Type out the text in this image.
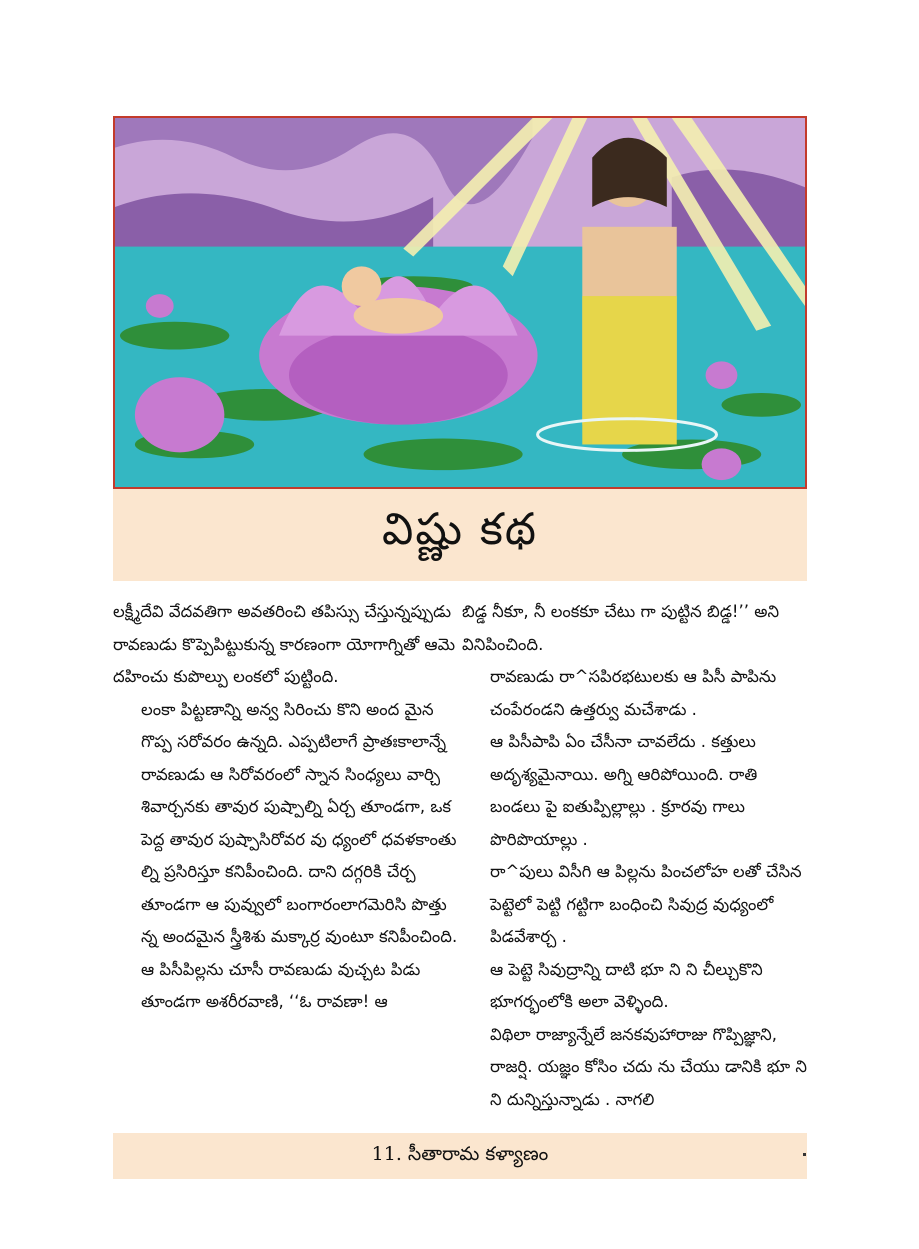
విష్ణు కథ

లక్ష్మీదేవి వేదవతిగా అవతరించి తపిస్సు చేస్తున్నప్పుడు రావణుడు కొప్పెపిట్టుకున్న కారణంగా యోగాగ్నితో ఆమె దహించు కుపొల్పు లంకలో పుట్టింది.

లంకా పిట్టణాన్ని అన్వ సిరించు కొని అంద మైన గొప్ప సరోవరం ఉన్నది. ఎప్పటిలాగే ప్రాతఃకాలాన్నే రావణుడు ఆ సిరోవరంలో స్నాన సింధ్యలు వార్చి శివార్చనకు తావుర పుష్పాల్ని ఏర్చ తూండగా, ఒక పెద్ద తావుర పుష్పాసిరోవర వు ధ్యంలో ధవళకాంతు ల్ని ప్రసిరిస్తూ కనిపీంచింది. దాని దగ్గరికి చేర్చ తూండగా ఆ పువ్వులో బంగారంలాగమెరిసి పొత్తు న్న అందమైన స్త్రీశిశు మక్కార్ర వుంటూ కనిపీంచింది.

ఆ పిసీపిల్లను చూసీ రావణుడు వుచ్చట పిడు తూండగా అశరీరవాణి, ‘‘ఓ రావణా! ఆ

బిడ్డ నీకూ, నీ లంకకూ చేటు గా పుట్టిన బిడ్డ!’’ అని వినిపించింది.

రావణుడు రా^సపిరభటులకు ఆ పిసీ పాపిను చంపేరండని ఉత్తర్వు మచేశాడు .

ఆ పిసీపాపి ఏం చేసీనా చావలేదు . కత్తులు అదృశ్యమైనాయి. అగ్ని ఆరిపోయింది. రాతి బండలు పై ఐతుప్పిల్లాల్లు . క్రూరవు గాలు పొరిపొయాల్లు .

రా^పులు విసీగి ఆ పిల్లను పించలోహ లతో చేసిన పెట్టెలో పెట్టి గట్టిగా బంధించి సివుద్ర వుధ్యంలో పిడవేశార్చ .

ఆ పెట్టె సివుద్రాన్ని దాటి భూ ని ని చీల్చుకొని భూగర్భంలోకి అలా వెళ్ళింది.

విథిలా రాజ్యాన్నేలే జనకవుహారాజు గొప్పిజ్ఞాని, రాజర్షి. యజ్ఞం కోసిం చదు ను చేయు డానికి భూ ని ని దున్నిస్తున్నాడు . నాగలి

11. సీతారామ కళ్యాణం
